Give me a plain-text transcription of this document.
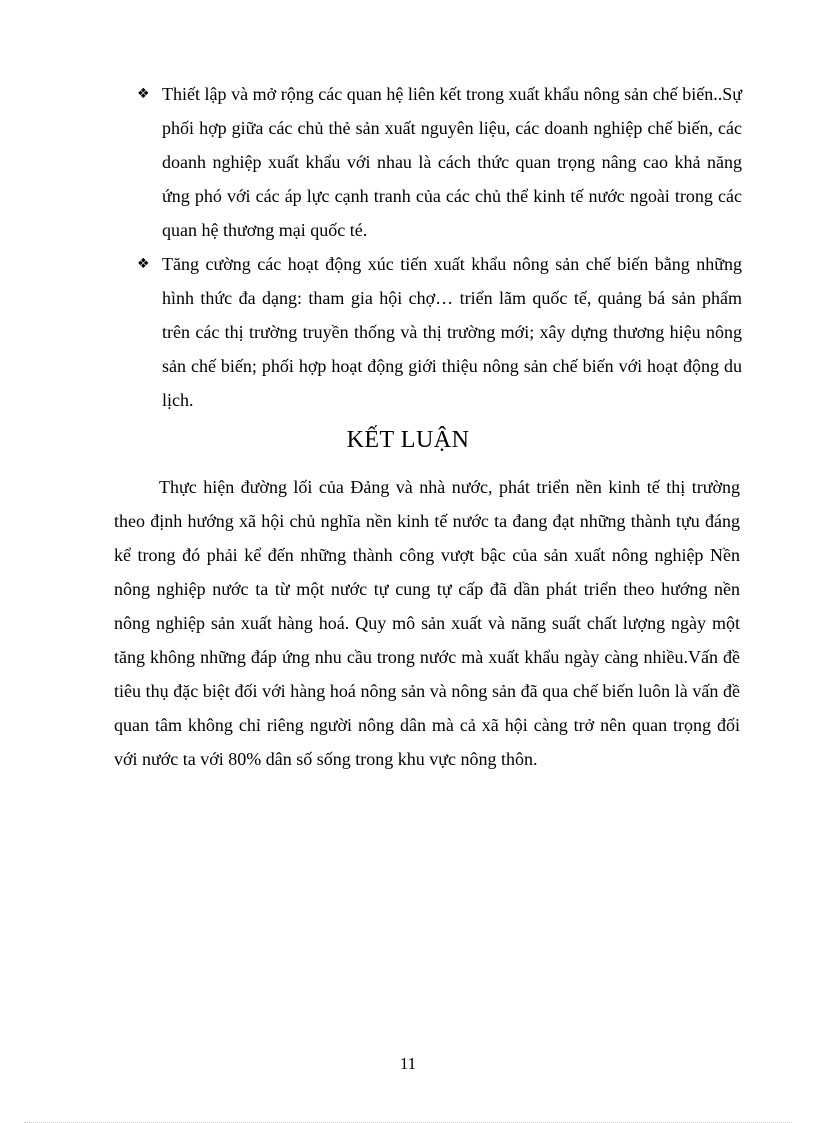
❖ Thiết lập và mở rộng các quan hệ liên kết trong xuất khẩu nông sản chế biến..Sự phối hợp giữa các chủ thẻ sản xuất nguyên liệu, các doanh nghiệp chế biến, các doanh nghiệp xuất khẩu với nhau là cách thức quan trọng nâng cao khả năng ứng phó với các áp lực cạnh tranh của các chủ thể kinh tế nước ngoài trong các quan hệ thương mại quốc té.
❖ Tăng cường các hoạt động xúc tiến xuất khẩu nông sản chế biến bằng những hình thức đa dạng: tham gia hội chợ… triển lãm quốc tế, quảng bá sản phẩm trên các thị trường truyền thống và thị trường mới; xây dựng thương hiệu nông sản chế biến; phối hợp hoạt động giới thiệu nông sản chế biến với hoạt động du lịch.
KẾT LUẬN
Thực hiện đường lối của Đảng và nhà nước, phát triển nền kinh tế thị trường theo định hướng xã hội chủ nghĩa nền kinh tế nước ta đang đạt những thành tựu đáng kể trong đó phải kể đến những thành công vượt bậc của sản xuất nông nghiệp Nền nông nghiệp nước ta từ một nước tự cung tự cấp đã dần phát triển theo hướng nền nông nghiệp sản xuất hàng hoá. Quy mô sản xuất và năng suất chất lượng ngày một tăng không những đáp ứng nhu cầu trong nước mà xuất khẩu ngày càng nhiều.Vấn đề tiêu thụ đặc biệt đối với hàng hoá nông sản và nông sản đã qua chế biến luôn là vấn đề quan tâm không chỉ riêng người nông dân mà cả xã hội càng trở nên quan trọng đối với nước ta với 80% dân số sống trong khu vực nông thôn.
11
